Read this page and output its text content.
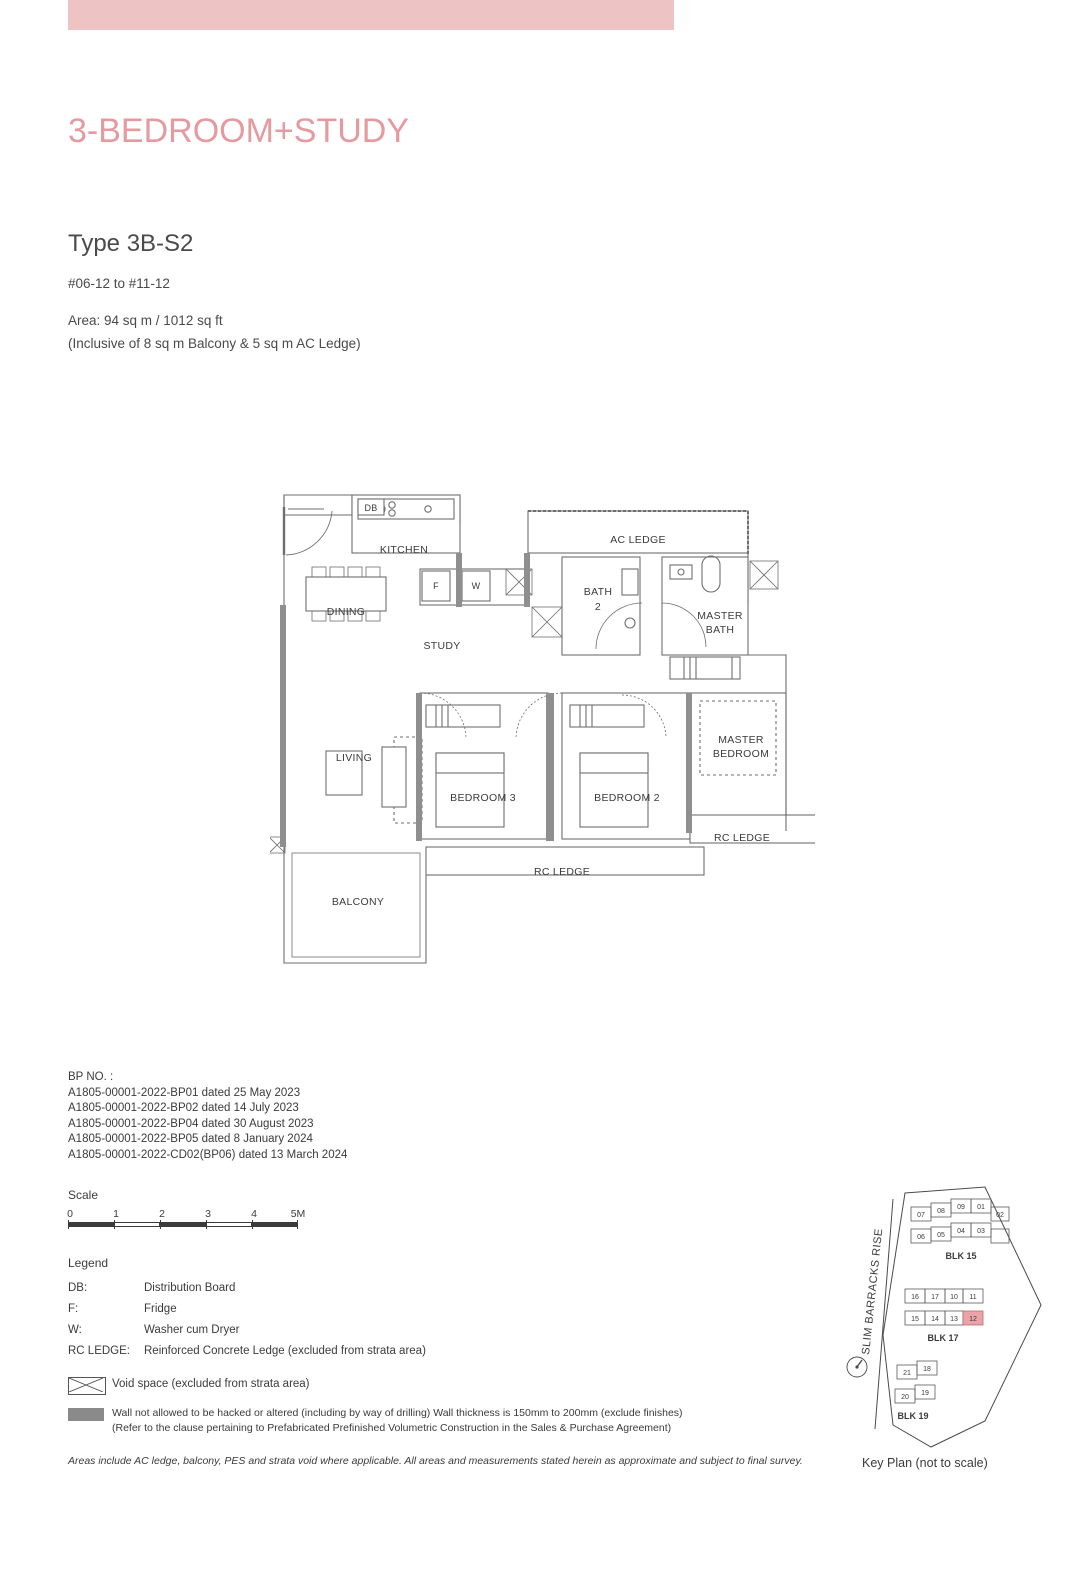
3-BEDROOM+STUDY
Type 3B-S2
#06-12 to #11-12
Area: 94 sq m / 1012 sq ft
(Inclusive of 8 sq m Balcony & 5 sq m AC Ledge)
KITCHEN
AC LEDGE
DINING
STUDY
BATH
2
MASTER
BATH
LIVING
MASTER
BEDROOM
BEDROOM 3	BEDROOM 2
RC LEDGE
RC LEDGE
BALCONY
DB
F	W
BP NO. :
A1805-00001-2022-BP01 dated 25 May 2023
A1805-00001-2022-BP02 dated 14 July 2023
A1805-00001-2022-BP04 dated 30 August 2023
A1805-00001-2022-BP05 dated 8 January 2024
A1805-00001-2022-CD02(BP06) dated 13 March 2024
Scale
0	1	2	3	4	5M
Legend
DB:	Distribution Board
F:	Fridge
W:	Washer cum Dryer
RC LEDGE: Reinforced Concrete Ledge (excluded from strata area)
Void space (excluded from strata area)
Wall not allowed to be hacked or altered (including by way of drilling) Wall thickness is 150mm to 200mm (exclude finishes)
(Refer to the clause pertaining to Prefabricated Prefinished Volumetric Construction in the Sales & Purchase Agreement)
Areas include AC ledge, balcony, PES and strata void where applicable. All areas and measurements stated herein as approximate and subject to final survey.
07
08
09 01
02
06 05
04 03
BLK 15
16 17 10 11
15 14 13 12
BLK 17
21
18
20
19
BLK 19
SLIM BARRACKS RISE
Key Plan (not to scale)
